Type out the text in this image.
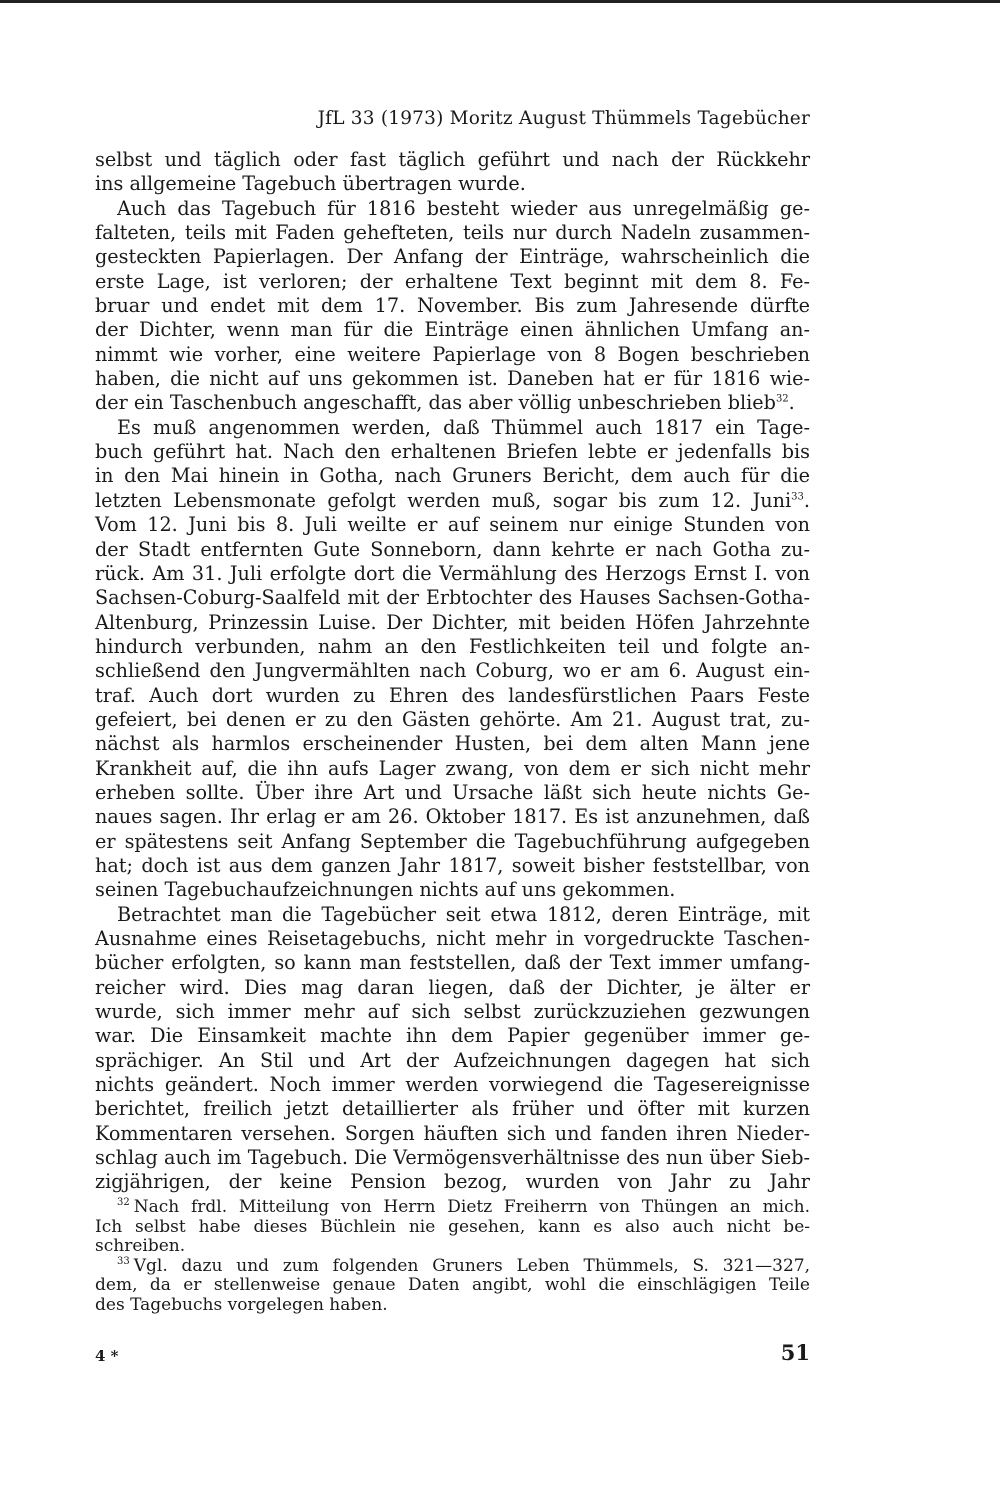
JfL 33 (1973) Moritz August Thümmels Tagebücher
selbst und täglich oder fast täglich geführt und nach der Rückkehr
ins allgemeine Tagebuch übertragen wurde.
Auch das Tagebuch für 1816 besteht wieder aus unregelmäßig ge-
falteten, teils mit Faden gehefteten, teils nur durch Nadeln zusammen-
gesteckten Papierlagen. Der Anfang der Einträge, wahrscheinlich die
erste Lage, ist verloren; der erhaltene Text beginnt mit dem 8. Fe-
bruar und endet mit dem 17. November. Bis zum Jahresende dürfte
der Dichter, wenn man für die Einträge einen ähnlichen Umfang an-
nimmt wie vorher, eine weitere Papierlage von 8 Bogen beschrieben
haben, die nicht auf uns gekommen ist. Daneben hat er für 1816 wie-
der ein Taschenbuch angeschafft, das aber völlig unbeschrieben blieb$^{32}$.
Es muß angenommen werden, daß Thümmel auch 1817 ein Tage-
buch geführt hat. Nach den erhaltenen Briefen lebte er jedenfalls bis
in den Mai hinein in Gotha, nach Gruners Bericht, dem auch für die
letzten Lebensmonate gefolgt werden muß, sogar bis zum 12. Juni$^{33}$.
Vom 12. Juni bis 8. Juli weilte er auf seinem nur einige Stunden von
der Stadt entfernten Gute Sonneborn, dann kehrte er nach Gotha zu-
rück. Am 31. Juli erfolgte dort die Vermählung des Herzogs Ernst I. von
Sachsen-Coburg-Saalfeld mit der Erbtochter des Hauses Sachsen-Gotha-
Altenburg, Prinzessin Luise. Der Dichter, mit beiden Höfen Jahrzehnte
hindurch verbunden, nahm an den Festlichkeiten teil und folgte an-
schließend den Jungvermählten nach Coburg, wo er am 6. August ein-
traf. Auch dort wurden zu Ehren des landesfürstlichen Paars Feste
gefeiert, bei denen er zu den Gästen gehörte. Am 21. August trat, zu-
nächst als harmlos erscheinender Husten, bei dem alten Mann jene
Krankheit auf, die ihn aufs Lager zwang, von dem er sich nicht mehr
erheben sollte. Über ihre Art und Ursache läßt sich heute nichts Ge-
naues sagen. Ihr erlag er am 26. Oktober 1817. Es ist anzunehmen, daß
er spätestens seit Anfang September die Tagebuchführung aufgegeben
hat; doch ist aus dem ganzen Jahr 1817, soweit bisher feststellbar, von
seinen Tagebuchaufzeichnungen nichts auf uns gekommen.
Betrachtet man die Tagebücher seit etwa 1812, deren Einträge, mit
Ausnahme eines Reisetagebuchs, nicht mehr in vorgedruckte Taschen-
bücher erfolgten, so kann man feststellen, daß der Text immer umfang-
reicher wird. Dies mag daran liegen, daß der Dichter, je älter er
wurde, sich immer mehr auf sich selbst zurückzuziehen gezwungen
war. Die Einsamkeit machte ihn dem Papier gegenüber immer ge-
sprächiger. An Stil und Art der Aufzeichnungen dagegen hat sich
nichts geändert. Noch immer werden vorwiegend die Tagesereignisse
berichtet, freilich jetzt detaillierter als früher und öfter mit kurzen
Kommentaren versehen. Sorgen häuften sich und fanden ihren Nieder-
schlag auch im Tagebuch. Die Vermögensverhältnisse des nun über Sieb-
zigjährigen, der keine Pension bezog, wurden von Jahr zu Jahr
$^{32}$ Nach frdl. Mitteilung von Herrn Dietz Freiherrn von Thüngen an mich.
Ich selbst habe dieses Büchlein nie gesehen, kann es also auch nicht be-
schreiben.
$^{33}$ Vgl. dazu und zum folgenden Gruners Leben Thümmels, S. 321—327,
dem, da er stellenweise genaue Daten angibt, wohl die einschlägigen Teile
des Tagebuchs vorgelegen haben.
4 *	51
